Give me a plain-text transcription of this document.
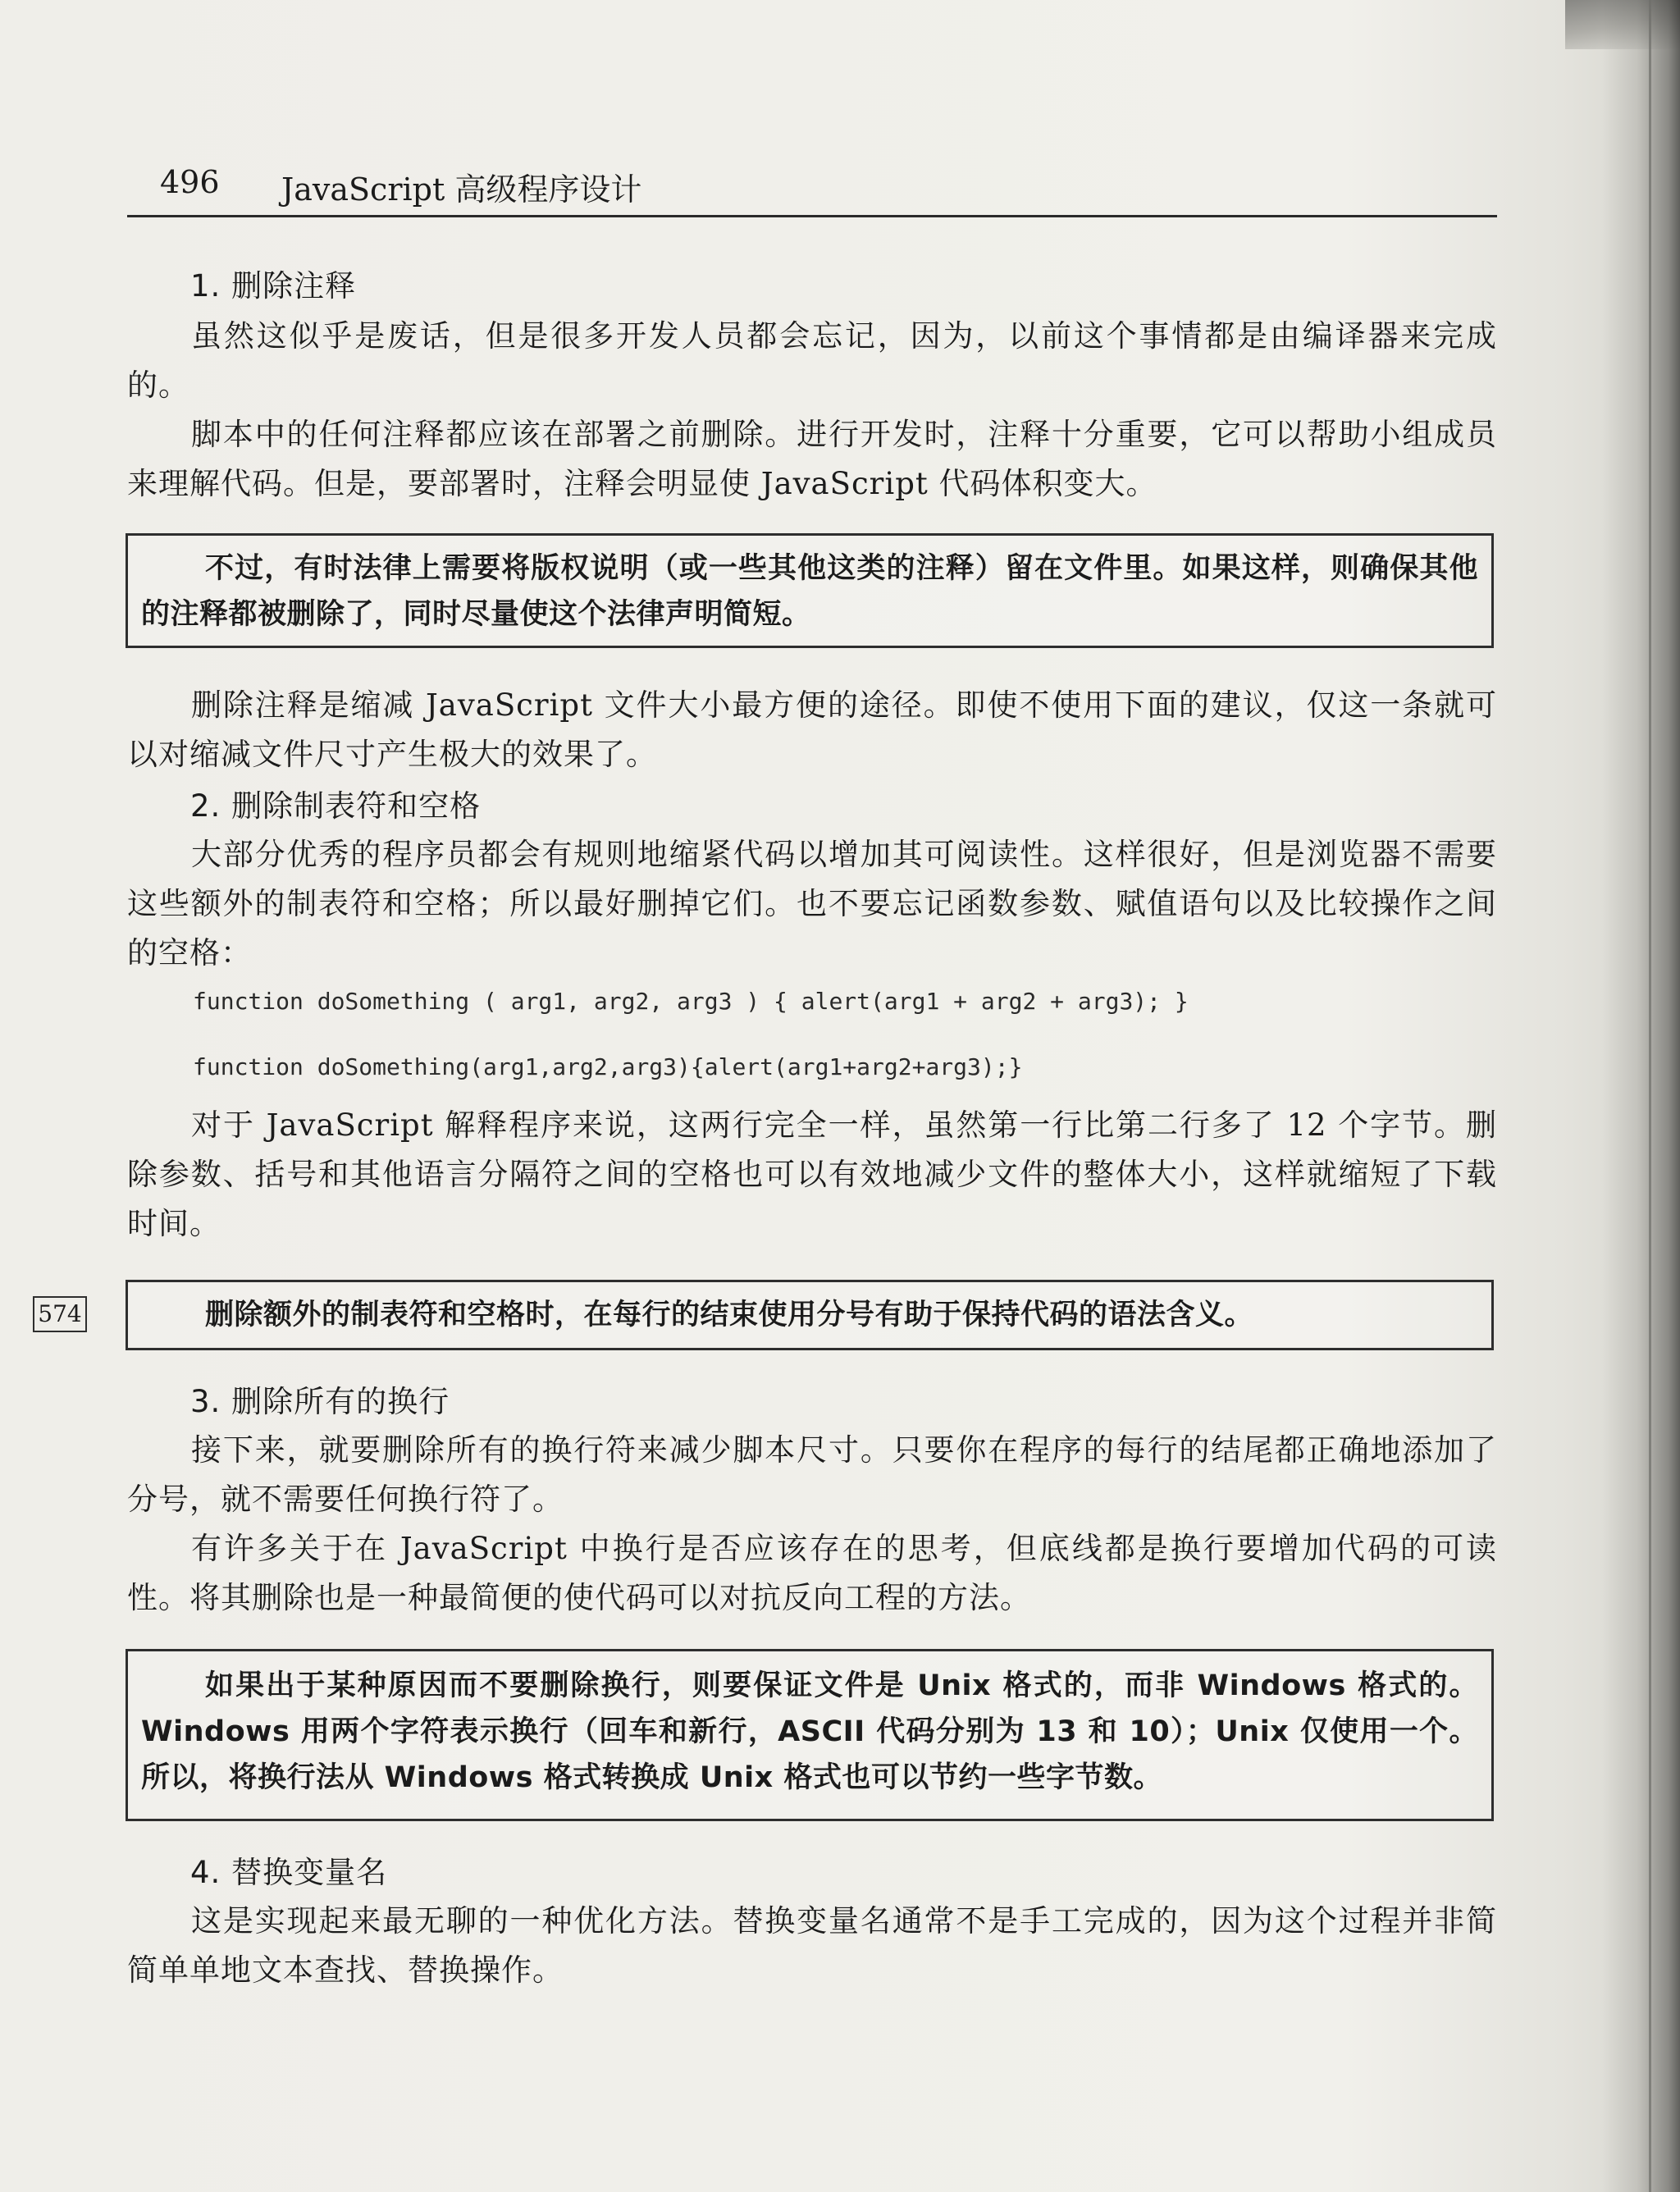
496 JavaScript 高级程序设计
1. 删除注释
虽然这似乎是废话，但是很多开发人员都会忘记，因为，以前这个事情都是由编译器来完成的。
脚本中的任何注释都应该在部署之前删除。进行开发时，注释十分重要，它可以帮助小组成员来理解代码。但是，要部署时，注释会明显使 JavaScript 代码体积变大。
不过，有时法律上需要将版权说明（或一些其他这类的注释）留在文件里。如果这样，则确保其他的注释都被删除了，同时尽量使这个法律声明简短。
删除注释是缩减 JavaScript 文件大小最方便的途径。即使不使用下面的建议，仅这一条就可以对缩减文件尺寸产生极大的效果了。
2. 删除制表符和空格
大部分优秀的程序员都会有规则地缩紧代码以增加其可阅读性。这样很好，但是浏览器不需要这些额外的制表符和空格；所以最好删掉它们。也不要忘记函数参数、赋值语句以及比较操作之间的空格：
function doSomething ( arg1, arg2, arg3 ) { alert(arg1 + arg2 + arg3); }
function doSomething(arg1,arg2,arg3){alert(arg1+arg2+arg3);}
对于 JavaScript 解释程序来说，这两行完全一样，虽然第一行比第二行多了 12 个字节。删除参数、括号和其他语言分隔符之间的空格也可以有效地减少文件的整体大小，这样就缩短了下载时间。
574	删除额外的制表符和空格时，在每行的结束使用分号有助于保持代码的语法含义。
3. 删除所有的换行
接下来，就要删除所有的换行符来减少脚本尺寸。只要你在程序的每行的结尾都正确地添加了分号，就不需要任何换行符了。
有许多关于在 JavaScript 中换行是否应该存在的思考，但底线都是换行要增加代码的可读性。将其删除也是一种最简便的使代码可以对抗反向工程的方法。
如果出于某种原因而不要删除换行，则要保证文件是 Unix 格式的，而非 Windows 格式的。Windows 用两个字符表示换行（回车和新行，ASCII 代码分别为 13 和 10）；Unix 仅使用一个。所以，将换行法从 Windows 格式转换成 Unix 格式也可以节约一些字节数。
4. 替换变量名
这是实现起来最无聊的一种优化方法。替换变量名通常不是手工完成的，因为这个过程并非简简单单地文本查找、替换操作。
